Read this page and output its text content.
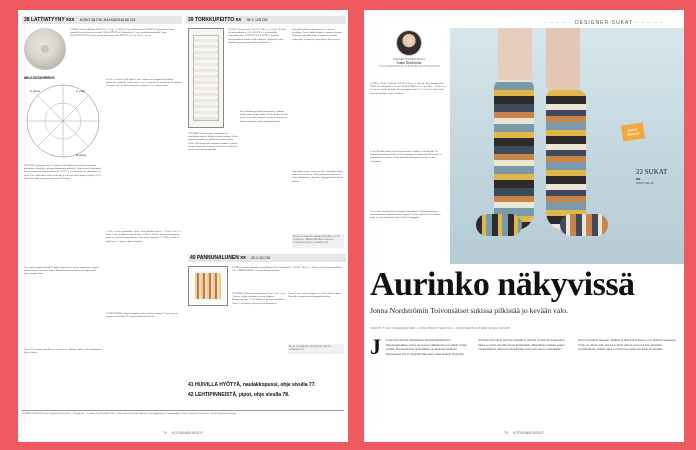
38 LATTIATYYNY xxx KOKO 38 CM, HALKAISIJA 60 CM
LANKA: Esteri-villalanka (100 PCS, n. 1 kg = n. 300 m) 3 kg (villakeltainen). PUIKOT: Pyöröpuikot 8 mm, pituus 80 cm; tai kaksoiset neulat. NEULETIHEYS: Virkkauksella 7 cm; suoritetaan puikoilla 8 mm. AVAINSOVELLUS: Neulo tasona koko ajan edein. TIHEYS: 11 s ja 16 krs = 10 cm.
NEULONTAPIIRROS
A-piiros	3. pala
B-piiros
4. PALA: Neulo 4. pala kuten 1. pala, mutta neulo kappaleiden päässä alkuneuleen puikolla. Jatka neuloen 1 ja 2 osaan ohjeen mukaisesti. Keskipiste: Luo yhteensä 12 s kaarenmuotoiseen kantaan 1/2 neulaa neuloen.
TYÖOHJE: Synnytän ohjeet 12 palaa. Laita luukkariin kyljelleen seuraavat tutkimuksen tuloksia ja otetaan pakkaamaan puikoille. Toista kolme kertaa pääli: luovan neulonnan ohjeen mukaisesti. 1. PALA: Luo neulosten 51 silmukkaa. Tee ensin 1 krs. Jatka sitten joka kerroksella ja 2 kerran välein kunnes jäljellä on 32 s. Neulo niin pään ulostuvat neulat vielä (2 kertaa).
5. PALA: Neulo jatkamalla 5. pala, neulo silmukat yhteen. 7. PALA: Luo 51 s kuten 1. pala ja jatka kuvion mukaan. 8. PALA: Neulo vielä pala molempien puolien reunasta kuvion mukaan, koko tyyny neulotaan. 12. PALA: Jatka 12. palaa kuten 1. palaa ja päätä silmukat.
N:o 5 palan pohjalta (kaikki) 6 palaa: kirjoneuleen ohjeen mukaisesti. Ompele suihkut liitokset ja sauma kiinni. Kiinnitä kansien keskelle yksi tupsu, pidä yhteen langat kiinni.
YHTEENTEKO: Ompele kappaleet yhteen kuvion mukaan. Täytä tyyny ja ompele reuna kiinni. Tee tupsu ja kiinnitä keskelle.
Toista 2. krs kunnes jäljellä on 3 s ja neulo ne. Katkaise lanka, vedä silmukoiden läpi ja kiristä.
39 TORKKUPEITTO xx 95 X 125 CM
LANKA: Novita Puffy (100 PCS, 100 g = n. 95 m) 10 kerää (luonnonvalkoinen, 011). NEULTA: 1 pyöröpuikko silmukankerollet. SUKUPUOLEN ETUUS: Pujottele silmukkalankaa sormien väliin mukaan. Työskentele pistä silmukka pysyttävän puikoilla neulottaessa.
TYÖOHJE: Neulo langan ensimmäisessä silmukkakerrokselle kaikki kerrokset alkuun. Neulo jokainen silmukka peräkkäin ja kiristä neulotut oikein. Pidä langan pää varmassa kohdassa ja käytä isompia silmukoita reunassa. Neulo kerros oikein ja kerros nurin toistaen puikolla.
Etsit silmukat pysyttää lyhyempänä ja pitkänä kaikki työskentelyn vaiheet. Neulo tasaisesti koko peiton leveydeltä reunasta reunaan. Kun peitto on halutun mittainen, päätä silmukat löyhästi.
Ensin käsin pitkä neulontakerros, tee kerros kerrallaan. Neulo kaikki kappaleet samaan suuntaan. Päättelyyn jätä pitkä lanka ja pujota se neulalla reunan läpi. Viimeistele pesemällä peitto kevyesti.
Lisää pitkä reunus, neulo reunaan 3 silmukkaa oikein jokaiseen kerrokseen. Tämä pitää peiton suorana ja estää rullautumisen. Pujottele langanpäät huolellisesti piiloon.
MALLI: LANKAVA, MIRKA KURPELA, TYÖ: LANKAVA, MIRKA KURPELA MALLI: LANKAVA, KUVA: LANKAVA OY
40 PANNUNALUNEN xx 20 X 20 CM
LANKA: Lankava Multitip -puuvillalanka (80 CO kierrättely + 20 PES, 500 g = n. 140 m), 100 g kirjavankeltainen (73). VIRKKOUKKU: 7 mm tai kaksoin mukaan.
TYÖOHJE: Virkkaa aloitusketjuun 25 kjs. 1. krs: 1 p:ta 1 kjs:ssa ja jatka puuttuneen ketjun loppuun. Kääntyessä 2 kjs. 2. krs: Virkkaa 1 kp joka silmukkaan. Toista 2. krs kunnes pala on neliön muotoinen.
Toista 2. krs n. kunnes kappale on neliö. Päättele lanka. Viimeistele ompelemalla langanpäät piiloon.
MALLI: LANKAVA, PIA HELSLA KUVA: LANKAVA OY
41 HUIVILLA HYÖTYÄ, naulakkopussi, ohje sivulla 77.
42 LEHTIPINNEISTÄ, pipot, ohje sivulla 78.
TOIMITUSTIEDOT: Elsan Langat (09) 329 9355 ... Koripalvelu ... Lankava Oy (09) 6803 4700 ... Pirkan Kässä, Hemmi Hannula, Ossi Lappalainen, Lankamaailma, Novita, Suomen Neulekeskus, Etelä-Pohjanmaan Langat.
74 KOTIVINKKI 8/2017
– – – – – DESIGNER-SUKAT – – – – –
SUKKIEN SUUNNITTELIJA
Jonna Nordström
TYÖN SUUNNITTELIJA JA SUKKIEN KUVITTAJA SUKAT
SUKAT SINULLE
22 SUKAT
xx
KOKO 38–40
LANKA: Novita 7 Veljestä (100 PCS, 100 g = n. 200 m) 100 g kutakin väriä. NEULAT: Sukkapuikot 3,5 mm. NEULETIHEYS: 22 s ja 30 krs = 10 cm. Luo 56 s ja jaa neljälle puikolle. Neulo joustinneuletta 2 o, 2 n 15 krs. Jatka sileää neuletta raidoittaen ohjeen mukaan.
2. krs: Kiinnitä lanka ja neulo kirjoneuletta. Lankoja ei saa kiristää. Tee kantapää kantalapan avulla: neulo kantalappu 28 silmukalla 28 kerrosta, tee kantapään kavennukset. Poimi silmukat kantalapan reunoista ja jatka neulomista.
3. krs: Kaventamalla kiilan silmukat jatka jalkaterä. Kärkikavennukset: kavenna jokaisen puikon alusta ja lopusta 2 s. Kun jäljellä on 8 s, katkaise lanka ja vedä silmukoiden läpi. Päättele langanpäät.
Aurinko näkyvissä
Jonna Nordströmin Toivonsätset sukissa pilkistää jo kevään valo.
TEKSTI TIIJA KOLEHMAINEN • KUVA PIRJO SIEVOLA • KOMPLEKSUUTEEN SAGIA SOUMI
J Jonna Nordström suunnittelee maanmatkailuistaan kirjoneulesukkia. Jonna on osaava silmukoissa ja tykkää värien pelistä. Harrastuksena neulominen on kulkenut mukana lapsuudesta asti ja nykyään hän tekee omia malleja myyntiin.
"Harmaa koivurata tarkoita yhdellä ja toisella tavalla sitä kotiseutua, mutta se myös näyttää talven harmauden. Ihmeellisiä, kuinka paljon värejä mahtuu arkiseen talvipäivään, kun vain katsoo tarkemmin."
Puolo Suomeen mukaan. Sukkaa ja ihan kivaa kokoa ovat tärkeitä neuleessa. Värit on valittu niin, että ne sopivat yhteen ja tuovat iloa pimeään vuodenaikaan. Nämä sukat ovat hyvä projekti kevättalven iltoihin.
75 KOTIVINKKI 8/2017
